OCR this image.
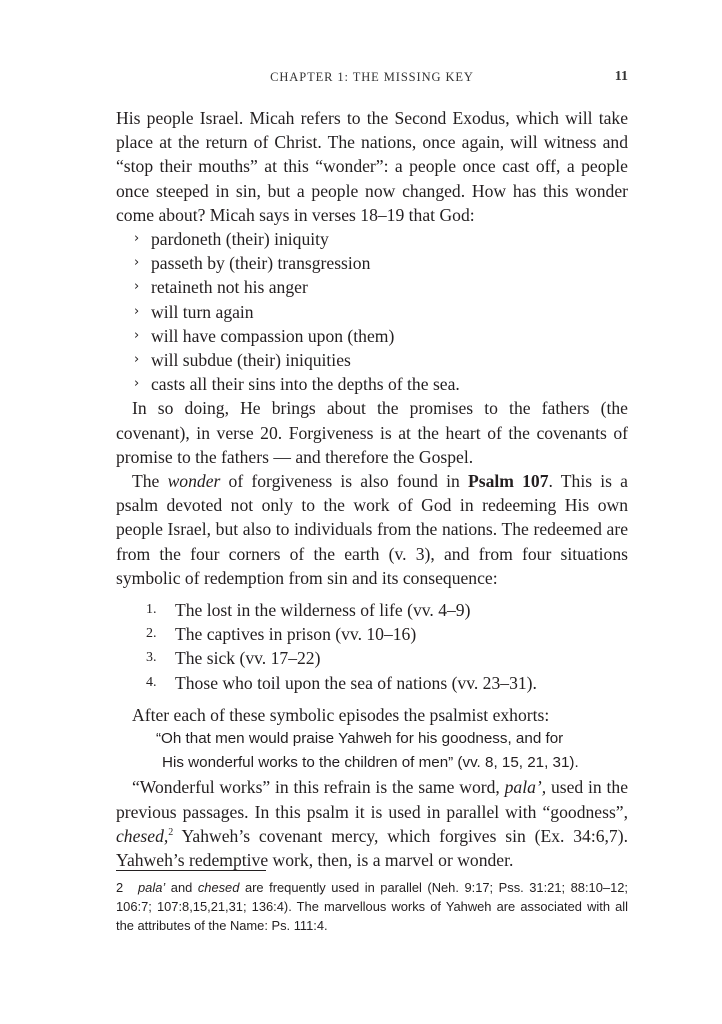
CHAPTER 1: THE MISSING KEY	11

His people Israel. Micah refers to the Second Exodus, which will take place at the return of Christ. The nations, once again, will witness and “stop their mouths” at this “wonder”: a people once cast off, a people once steeped in sin, but a people now changed. How has this wonder come about? Micah says in verses 18–19 that God:

› pardoneth (their) iniquity
› passeth by (their) transgression
› retaineth not his anger
› will turn again
› will have compassion upon (them)
› will subdue (their) iniquities
› casts all their sins into the depths of the sea.

In so doing, He brings about the promises to the fathers (the covenant), in verse 20. Forgiveness is at the heart of the covenants of promise to the fathers — and therefore the Gospel.

The wonder of forgiveness is also found in Psalm 107. This is a psalm devoted not only to the work of God in redeeming His own people Israel, but also to individuals from the nations. The redeemed are from the four corners of the earth (v. 3), and from four situations symbolic of redemption from sin and its consequence:

1. The lost in the wilderness of life (vv. 4–9)
2. The captives in prison (vv. 10–16)
3. The sick (vv. 17–22)
4. Those who toil upon the sea of nations (vv. 23–31).

After each of these symbolic episodes the psalmist exhorts:

“Oh that men would praise Yahweh for his goodness, and for
His wonderful works to the children of men” (vv. 8, 15, 21, 31).

“Wonderful works” in this refrain is the same word, pala’, used in the previous passages. In this psalm it is used in parallel with “goodness”, chesed,$^2$ Yahweh’s covenant mercy, which forgives sin (Ex. 34:6,7). Yahweh’s redemptive work, then, is a marvel or wonder.

2 pala’ and chesed are frequently used in parallel (Neh. 9:17; Pss. 31:21; 88:10–12; 106:7; 107:8,15,21,31; 136:4). The marvellous works of Yahweh are associated with all the attributes of the Name: Ps. 111:4.
